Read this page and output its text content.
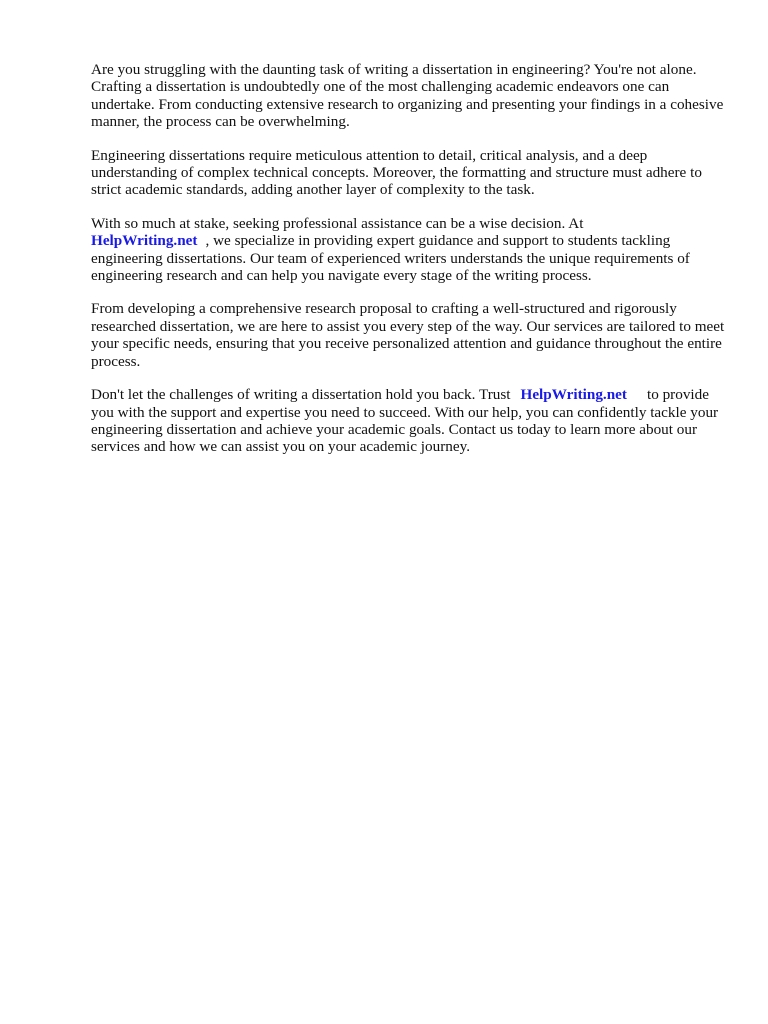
Are you struggling with the daunting task of writing a dissertation in engineering? You're not alone. Crafting a dissertation is undoubtedly one of the most challenging academic endeavors one can undertake. From conducting extensive research to organizing and presenting your findings in a cohesive manner, the process can be overwhelming.

Engineering dissertations require meticulous attention to detail, critical analysis, and a deep understanding of complex technical concepts. Moreover, the formatting and structure must adhere to strict academic standards, adding another layer of complexity to the task.

With so much at stake, seeking professional assistance can be a wise decision. At
HelpWriting.net , we specialize in providing expert guidance and support to students tackling engineering dissertations. Our team of experienced writers understands the unique requirements of engineering research and can help you navigate every stage of the writing process.

From developing a comprehensive research proposal to crafting a well-structured and rigorously researched dissertation, we are here to assist you every step of the way. Our services are tailored to meet your specific needs, ensuring that you receive personalized attention and guidance throughout the entire process.

Don't let the challenges of writing a dissertation hold you back. Trust HelpWriting.net to provide you with the support and expertise you need to succeed. With our help, you can confidently tackle your engineering dissertation and achieve your academic goals. Contact us today to learn more about our services and how we can assist you on your academic journey.
